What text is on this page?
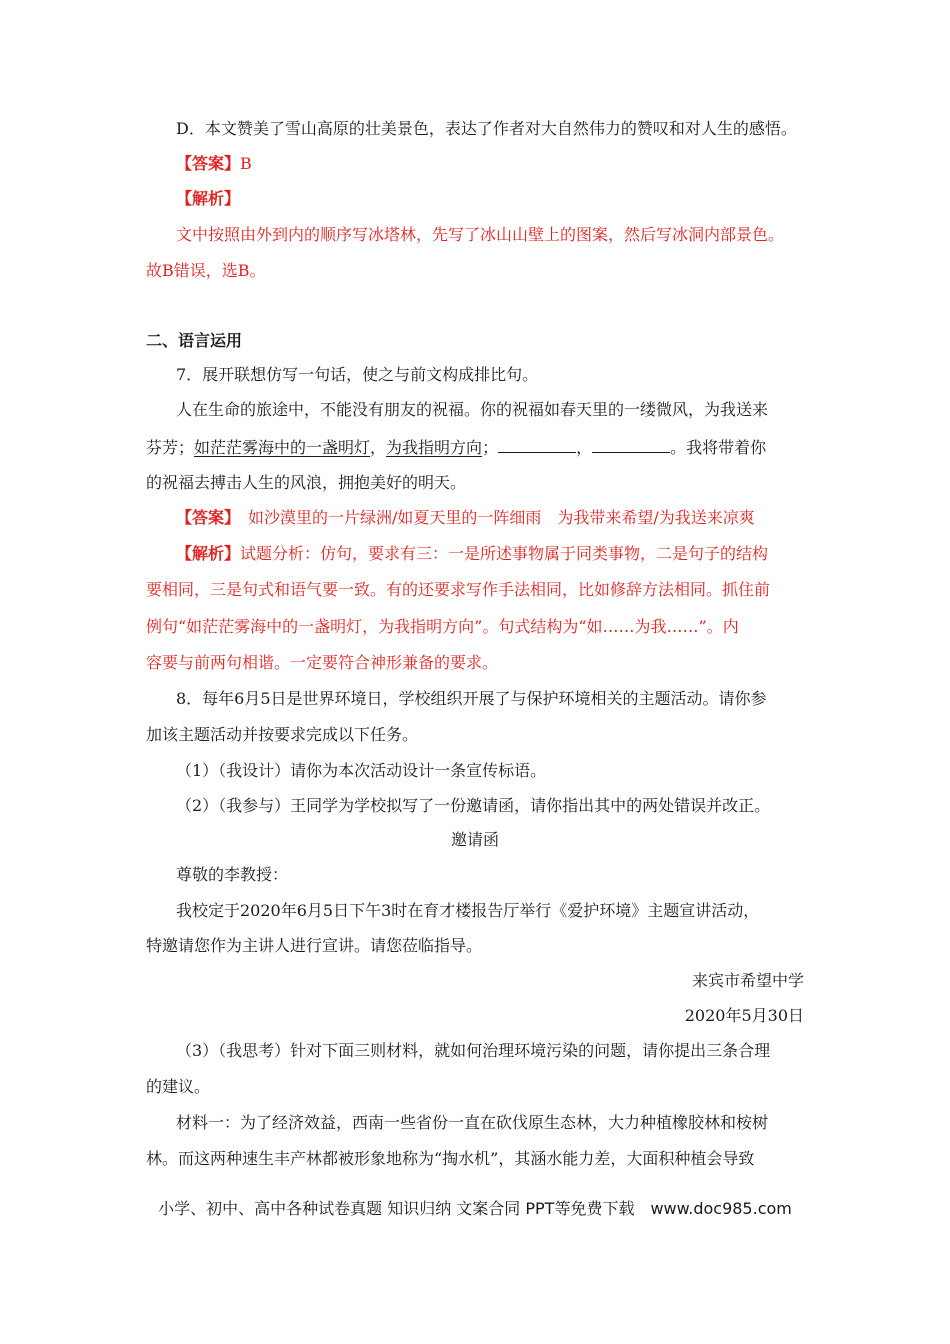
D．本文赞美了雪山高原的壮美景色，表达了作者对大自然伟力的赞叹和对人生的感悟。
【答案】B
【解析】
文中按照由外到内的顺序写冰塔林，先写了冰山山壁上的图案，然后写冰洞内部景色。
故B错误，选B。
二、语言运用
7．展开联想仿写一句话，使之与前文构成排比句。
人在生命的旅途中，不能没有朋友的祝福。你的祝福如春天里的一缕微风，为我送来
芬芳；如茫茫雾海中的一盏明灯，为我指明方向；	，	。我将带着你
的祝福去搏击人生的风浪，拥抱美好的明天。
【答案】　如沙漠里的一片绿洲/如夏天里的一阵细雨　为我带来希望/为我送来凉爽
【解析】试题分析：仿句，要求有三：一是所述事物属于同类事物，二是句子的结构
要相同，三是句式和语气要一致。有的还要求写作手法相同，比如修辞方法相同。抓住前
例句“如茫茫雾海中的一盏明灯，为我指明方向”。句式结构为“如……为我……”。内
容要与前两句相谐。一定要符合神形兼备的要求。
8．每年6月5日是世界环境日，学校组织开展了与保护环境相关的主题活动。请你参
加该主题活动并按要求完成以下任务。
（1）（我设计）请你为本次活动设计一条宣传标语。
（2）（我参与）王同学为学校拟写了一份邀请函，请你指出其中的两处错误并改正。
邀请函
尊敬的李教授：
我校定于2020年6月5日下午3时在育才楼报告厅举行《爱护环境》主题宣讲活动，
特邀请您作为主讲人进行宣讲。请您莅临指导。
来宾市希望中学
2020年5月30日
（3）（我思考）针对下面三则材料，就如何治理环境污染的问题，请你提出三条合理
的建议。
材料一：为了经济效益，西南一些省份一直在砍伐原生态林，大力种植橡胶林和桉树
林。而这两种速生丰产林都被形象地称为“掏水机”，其涵水能力差，大面积种植会导致
小学、初中、高中各种试卷真题 知识归纳 文案合同 PPT等免费下载　www.doc985.com
